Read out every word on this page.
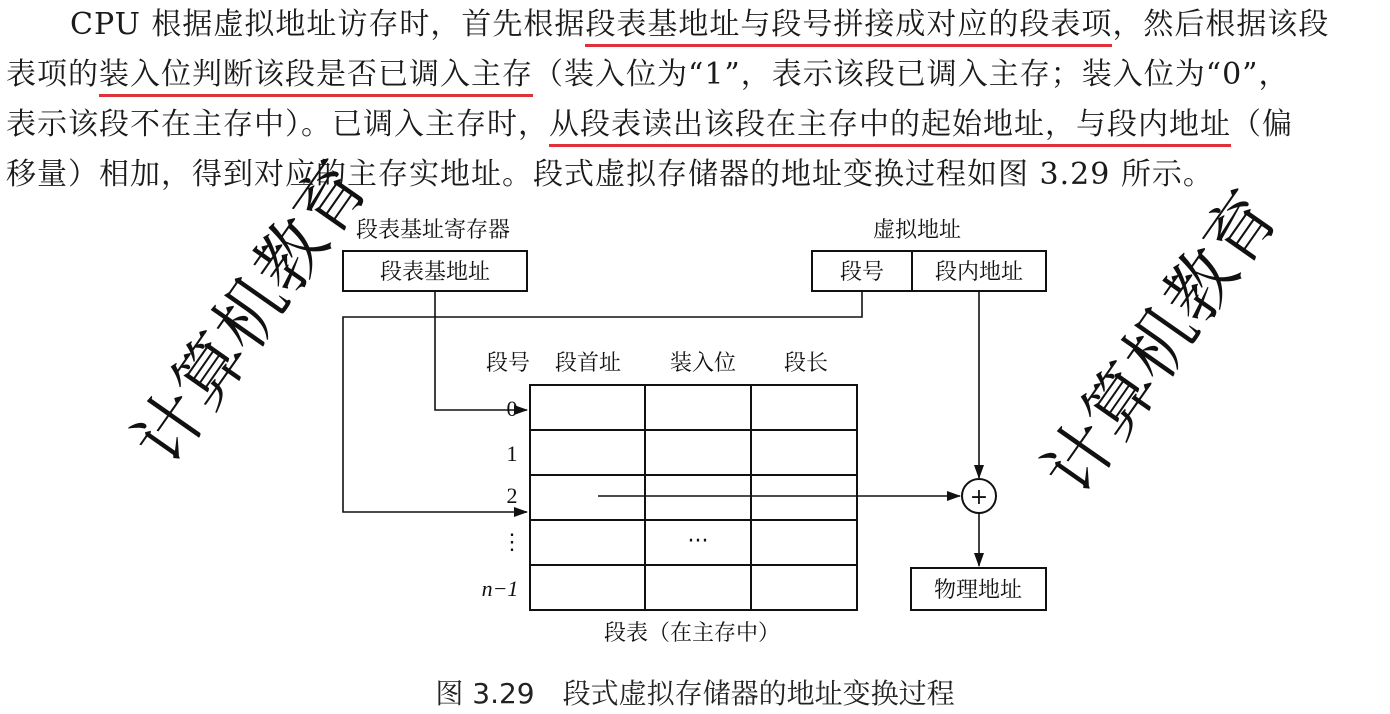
CPU 根据虚拟地址访存时，首先根据段表基地址与段号拼接成对应的段表项，然后根据该段
表项的装入位判断该段是否已调入主存（装入位为“1”，表示该段已调入主存；装入位为“0”，
表示该段不在主存中）。已调入主存时，从段表读出该段在主存中的起始地址，与段内地址（偏
移量）相加，得到对应的主存实地址。段式虚拟存储器的地址变换过程如图 3.29 所示。
计算机教育	计算机教育
段表基址寄存器
段表基地址
虚拟地址
段号 段内地址
段号 段首址 装入位 段长
0
1
2
⋮
n−1
···
+
物理地址
段表（在主存中）
图 3.29　段式虚拟存储器的地址变换过程
